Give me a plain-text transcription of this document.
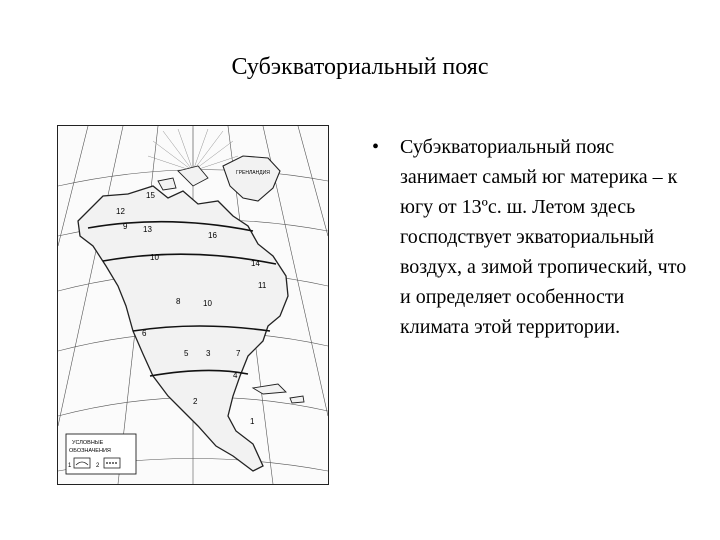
Субэкваториальный пояс
15
12
13
9
10
14
11
16
10
6
5	7
8
3
2
1
4
ГРЕНЛАНДИЯ
УСЛОВНЫЕ
ОБОЗНАЧЕНИЯ
1	2
•	Субэкваториальный пояс занимает самый юг материка – к югу от 13ºс. ш. Летом здесь господствует экваториальный воздух, а зимой тропический, что и определяет особенности климата этой территории.
